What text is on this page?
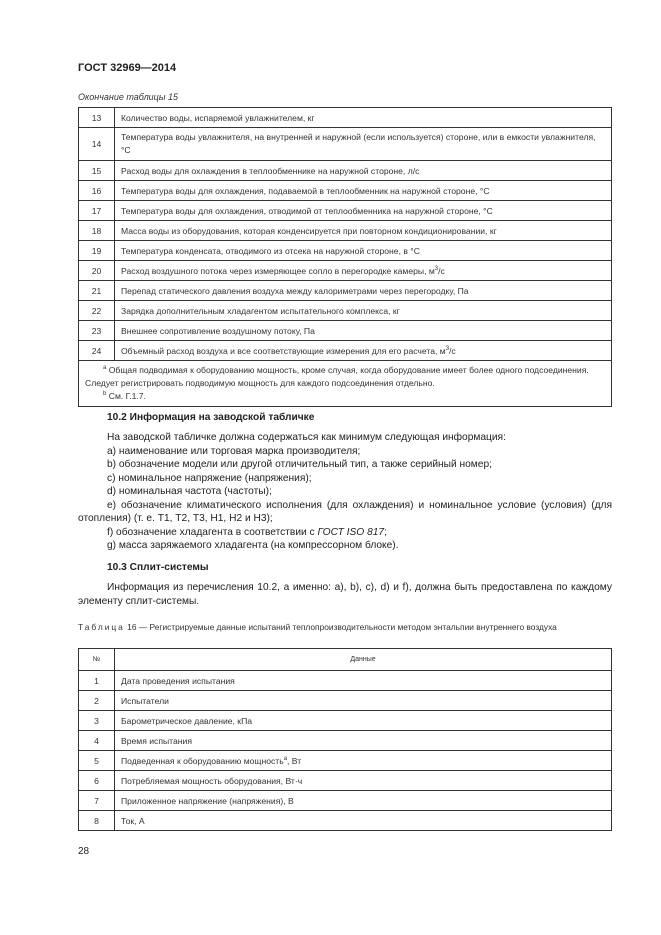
ГОСТ 32969—2014
Окончание таблицы 15
13	Количество воды, испаряемой увлажнителем, кг
14	Температура воды увлажнителя, на внутренней и наружной (если используется) стороне, или в емкости увлажнителя, °С
15	Расход воды для охлаждения в теплообменнике на наружной стороне, л/с
16	Температура воды для охлаждения, подаваемой в теплообменник на наружной стороне, °С
17	Температура воды для охлаждения, отводимой от теплообменника на наружной стороне, °С
18	Масса воды из оборудования, которая конденсируется при повторном кондиционировании, кг
19	Температура конденсата, отводимого из отсека на наружной стороне, в °С
20	Расход воздушного потока через измеряющее сопло в перегородке камеры, $м^3/с$
21	Перепад статического давления воздуха между калориметрами через перегородку, Па
22	Зарядка дополнительным хладагентом испытательного комплекса, кг
23	Внешнее сопротивление воздушному потоку, Па
24	Объемный расход воздуха и все соответствующие измерения для его расчета, $м^3/с$

$^a$ Общая подводимая к оборудованию мощность, кроме случая, когда оборудование имеет более одного подсоединения. Следует регистрировать подводимую мощность для каждого подсоединения отдельно.

$^b$ См. Г.1.7.	

10.2 Информация на заводской табличке

На заводской табличке должна содержаться как минимум следующая информация:

a) наименование или торговая марка производителя;

b) обозначение модели или другой отличительный тип, а также серийный номер;

c) номинальное напряжение (напряжения);

d) номинальная частота (частоты);

e) обозначение климатического исполнения (для охлаждения) и номинальное условие (условия) (для отопления) (т. е. Т1, Т2, Т3, Н1, Н2 и Н3);

f) обозначение хладагента в соответствии с ГОСТ ISO 817;

g) масса заряжаемого хладагента (на компрессорном блоке).

10.3 Сплит-системы

Информация из перечисления 10.2, а именно: a), b), c), d) и f), должна быть предоставлена по каждому элементу сплит-системы.

Таблица 16 — Регистрируемые данные испытаний теплопроизводительности методом энтальпии внутреннего воздуха
№	Данные
1	Дата проведения испытания
2	Испытатели
3	Барометрическое давление, кПа
4	Время испытания
5	Подведенная к оборудованию мощность$^a$, Вт
6	Потребляемая мощность оборудования, Вт·ч
7	Приложенное напряжение (напряжения), В
8	Ток, А
28
